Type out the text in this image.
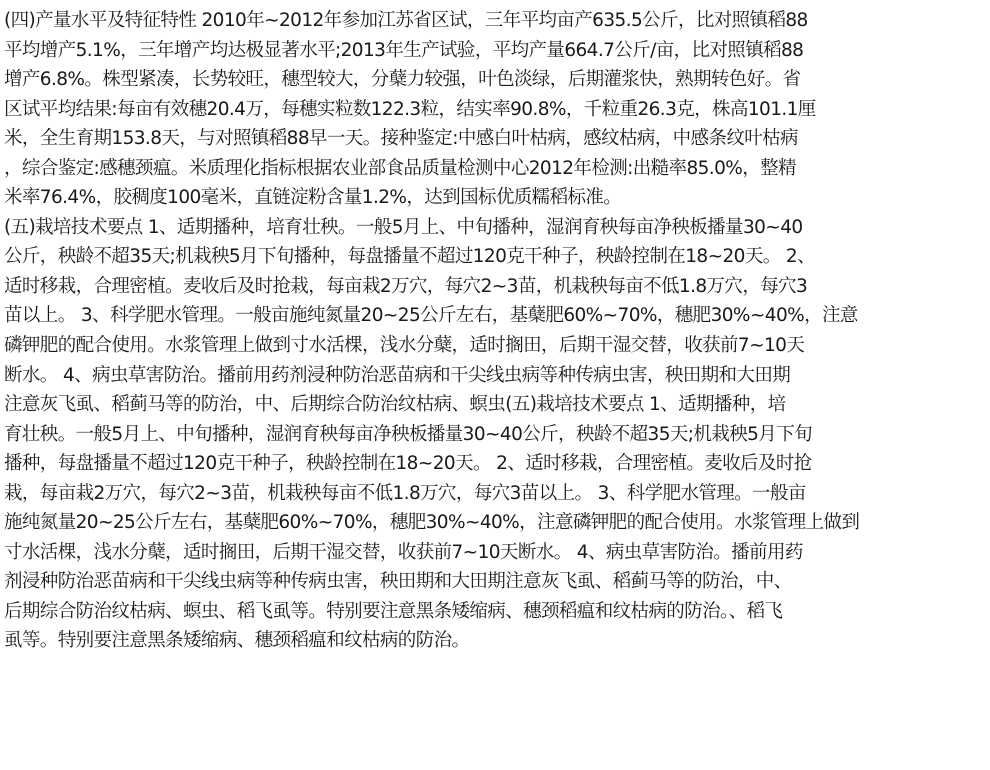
(四)产量水平及特征特性 2010年~2012年参加江苏省区试，三年平均亩产635.5公斤，比对照镇稻88
平均增产5.1%，三年增产均达极显著水平;2013年生产试验，平均产量664.7公斤/亩，比对照镇稻88
增产6.8%。株型紧凑，长势较旺，穗型较大，分蘖力较强，叶色淡绿，后期灌浆快，熟期转色好。省
区试平均结果:每亩有效穗20.4万，每穗实粒数122.3粒，结实率90.8%，千粒重26.3克，株高101.1厘
米，全生育期153.8天，与对照镇稻88早一天。接种鉴定:中感白叶枯病，感纹枯病，中感条纹叶枯病
，综合鉴定:感穗颈瘟。米质理化指标根据农业部食品质量检测中心2012年检测:出糙率85.0%，整精
米率76.4%，胶稠度100毫米，直链淀粉含量1.2%，达到国标优质糯稻标准。
(五)栽培技术要点 1、适期播种，培育壮秧。一般5月上、中旬播种，湿润育秧每亩净秧板播量30~40
公斤，秧龄不超35天;机栽秧5月下旬播种，每盘播量不超过120克干种子，秧龄控制在18~20天。 2、
适时移栽，合理密植。麦收后及时抢栽，每亩栽2万穴，每穴2~3苗，机栽秧每亩不低1.8万穴，每穴3
苗以上。 3、科学肥水管理。一般亩施纯氮量20~25公斤左右，基蘖肥60%~70%，穗肥30%~40%，注意
磷钾肥的配合使用。水浆管理上做到寸水活棵，浅水分蘖，适时搁田，后期干湿交替，收获前7~10天
断水。 4、病虫草害防治。播前用药剂浸种防治恶苗病和干尖线虫病等种传病虫害，秧田期和大田期
注意灰飞虱、稻蓟马等的防治，中、后期综合防治纹枯病、螟虫(五)栽培技术要点 1、适期播种，培
育壮秧。一般5月上、中旬播种，湿润育秧每亩净秧板播量30~40公斤，秧龄不超35天;机栽秧5月下旬
播种，每盘播量不超过120克干种子，秧龄控制在18~20天。 2、适时移栽，合理密植。麦收后及时抢
栽，每亩栽2万穴，每穴2~3苗，机栽秧每亩不低1.8万穴，每穴3苗以上。 3、科学肥水管理。一般亩
施纯氮量20~25公斤左右，基蘖肥60%~70%，穗肥30%~40%，注意磷钾肥的配合使用。水浆管理上做到
寸水活棵，浅水分蘖，适时搁田，后期干湿交替，收获前7~10天断水。 4、病虫草害防治。播前用药
剂浸种防治恶苗病和干尖线虫病等种传病虫害，秧田期和大田期注意灰飞虱、稻蓟马等的防治，中、
后期综合防治纹枯病、螟虫、稻飞虱等。特别要注意黑条矮缩病、穗颈稻瘟和纹枯病的防治。、稻飞
虱等。特别要注意黑条矮缩病、穗颈稻瘟和纹枯病的防治。
